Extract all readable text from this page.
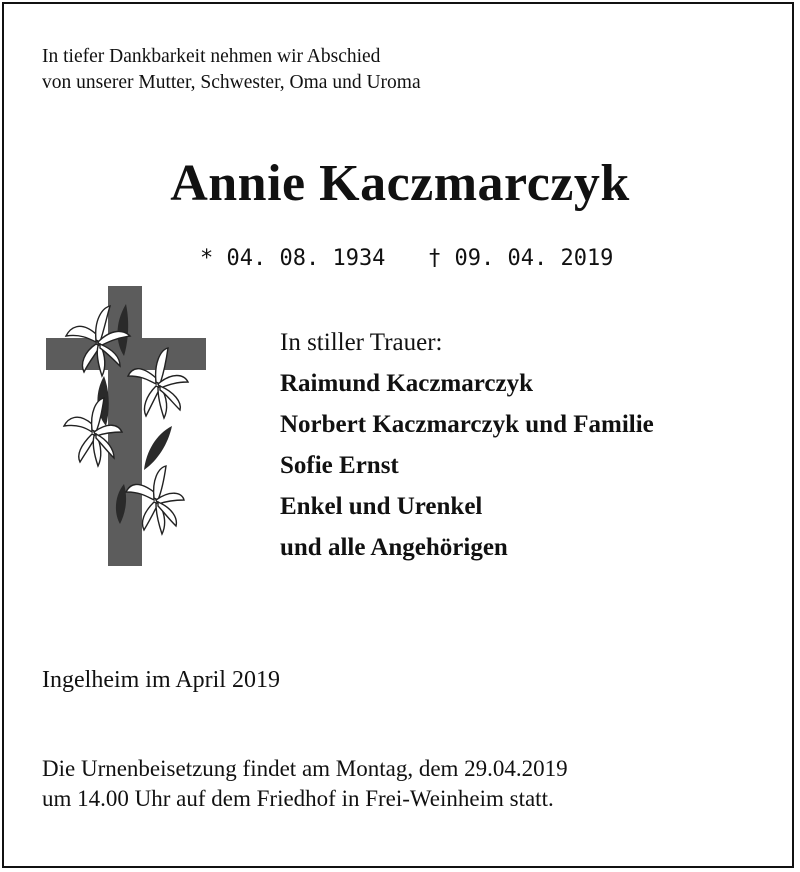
In tiefer Dankbarkeit nehmen wir Abschied
von unserer Mutter, Schwester, Oma und Uroma
Annie Kaczmarczyk
* 04. 08. 1934 † 09. 04. 2019
In stiller Trauer:
Raimund Kaczmarczyk
Norbert Kaczmarczyk und Familie
Sofie Ernst
Enkel und Urenkel
und alle Angehörigen
Ingelheim im April 2019
Die Urnenbeisetzung findet am Montag, dem 29.04.2019
um 14.00 Uhr auf dem Friedhof in Frei-Weinheim statt.
